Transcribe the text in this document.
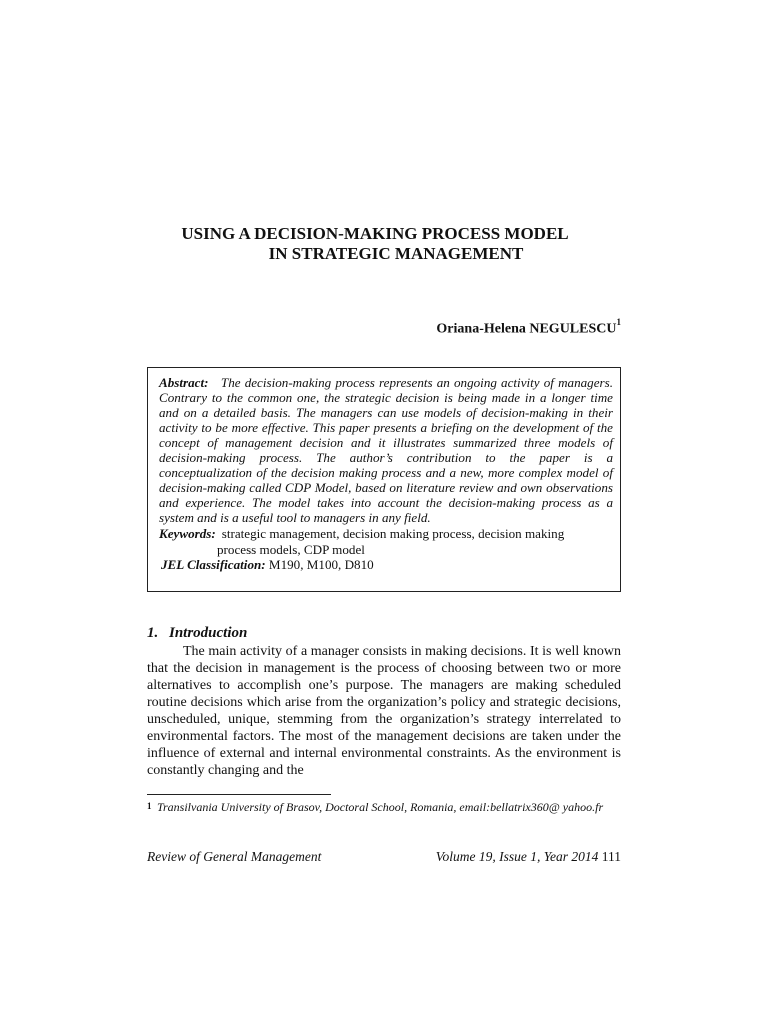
USING A DECISION-MAKING PROCESS MODEL
IN STRATEGIC MANAGEMENT
Oriana-Helena NEGULESCU$^1$

Abstract: The decision-making process represents an ongoing activity of managers. Contrary to the common one, the strategic decision is being made in a longer time and on a detailed basis. The managers can use models of decision-making in their activity to be more effective. This paper presents a briefing on the development of the concept of management decision and it illustrates summarized three models of decision-making process. The author’s contribution to the paper is a conceptualization of the decision making process and a new, more complex model of decision-making called CDP Model, based on literature review and own observations and experience. The model takes into account the decision-making process as a system and is a useful tool to managers in any field.

Keywords: strategic management, decision making process, decision making
process models, CDP model

JEL Classification: M190, M100, D810

1. Introduction

The main activity of a manager consists in making decisions. It is well known that the decision in management is the process of choosing between two or more alternatives to accomplish one’s purpose. The managers are making scheduled routine decisions which arise from the organization’s policy and strategic decisions, unscheduled, unique, stemming from the organization’s strategy interrelated to environmental factors. The most of the management decisions are taken under the influence of external and internal environmental constraints. As the environment is constantly changing and the

1 Transilvania University of Brasov, Doctoral School, Romania, email:bellatrix360@ yahoo.fr
Review of General Management	Volume 19, Issue 1, Year 2014 111
